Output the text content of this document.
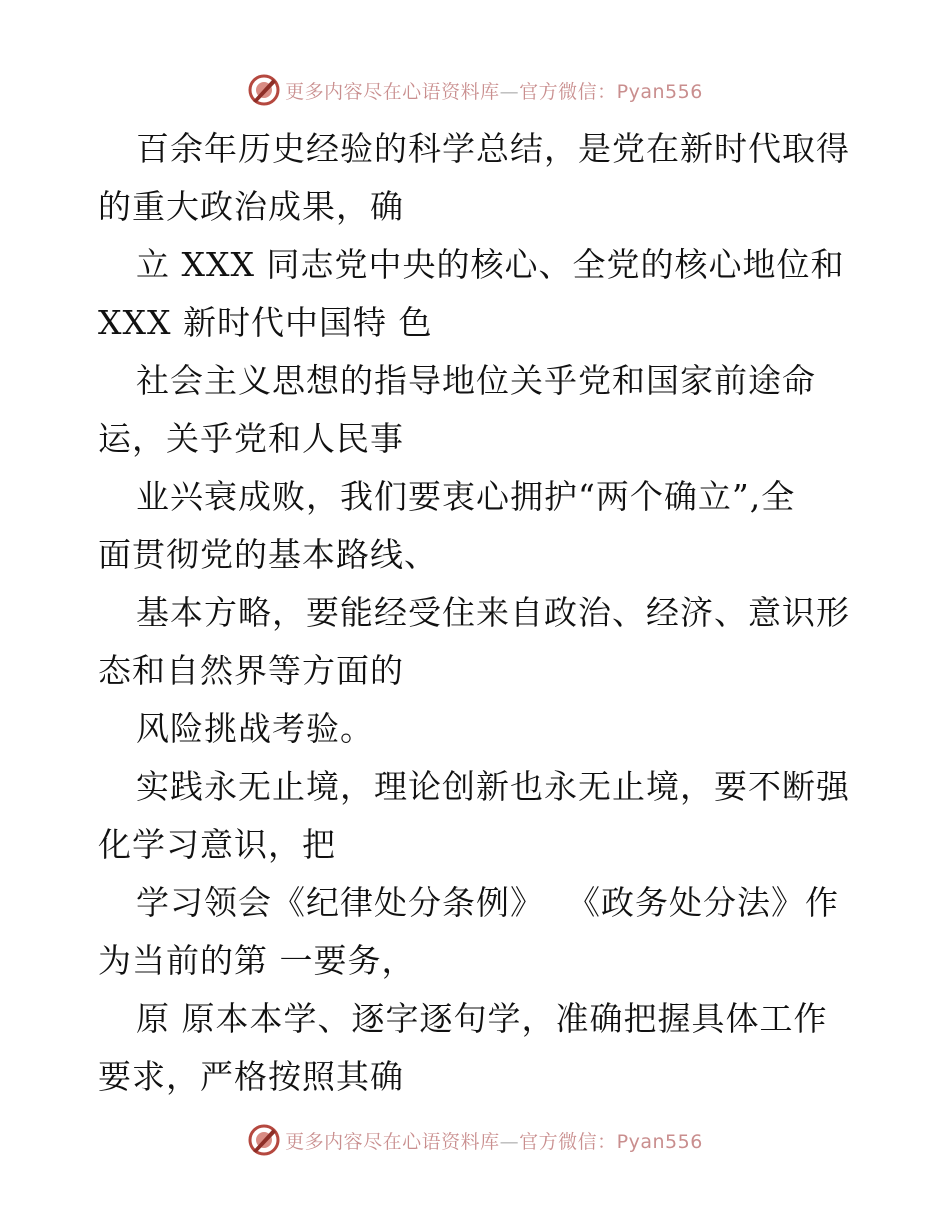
更多内容尽在心语资料库—官方微信：Pyan556
百余年历史经验的科学总结，是党在新时代取得
的重大政治成果，确
立 XXX 同志党中央的核心、全党的核心地位和
XXX 新时代中国特 色
社会主义思想的指导地位关乎党和国家前途命
运，关乎党和人民事
业兴衰成败，我们要衷心拥护“两个确立”,全
面贯彻党的基本路线、
基本方略，要能经受住来自政治、经济、意识形
态和自然界等方面的
风险挑战考验。
实践永无止境，理论创新也永无止境，要不断强
化学习意识，把
学习领会《纪律处分条例》  《政务处分法》作
为当前的第 一要务，
原 原本本学、逐字逐句学，准确把握具体工作
要求，严格按照其确
更多内容尽在心语资料库—官方微信：Pyan556
